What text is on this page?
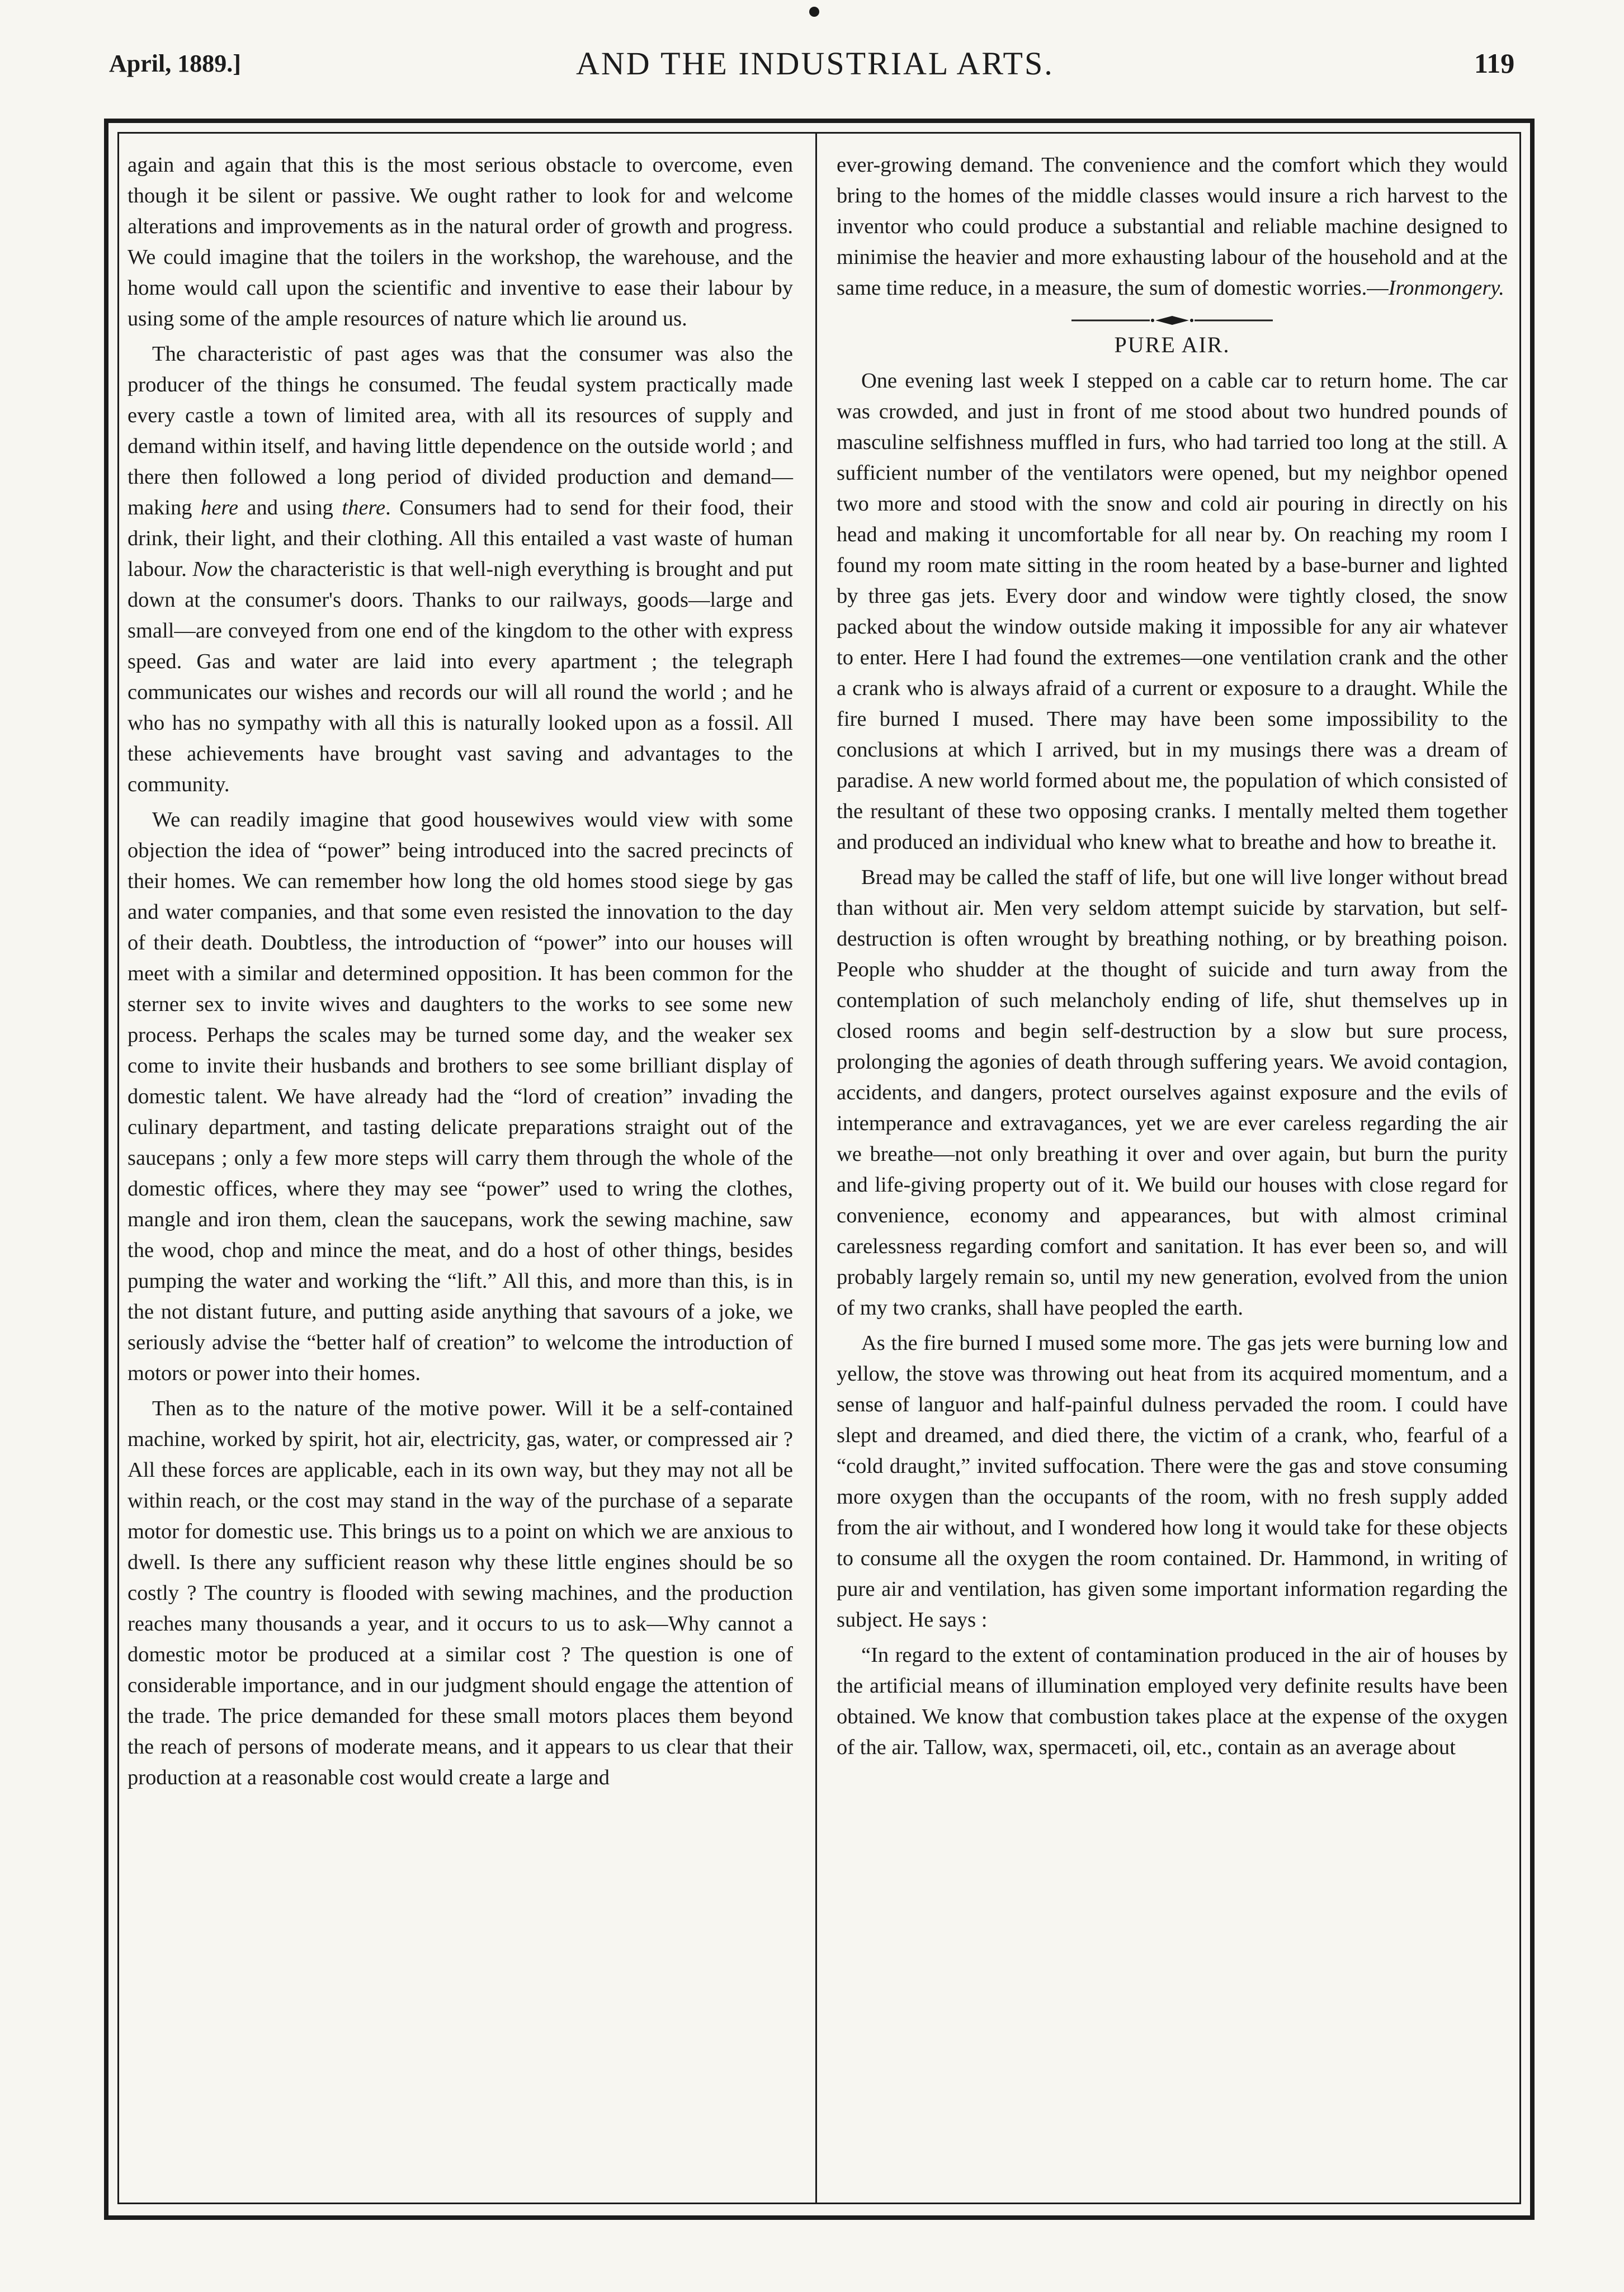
April, 1889.]	AND THE INDUSTRIAL ARTS.	119

again and again that this is the most serious obstacle to overcome, even though it be silent or passive. We ought rather to look for and welcome alterations and improvements as in the natural order of growth and progress. We could imagine that the toilers in the workshop, the warehouse, and the home would call upon the scientific and inventive to ease their labour by using some of the ample resources of nature which lie around us.

The characteristic of past ages was that the consumer was also the producer of the things he consumed. The feudal system practically made every castle a town of limited area, with all its resources of supply and demand within itself, and having little dependence on the outside world ; and there then followed a long period of divided production and demand—making here and using there. Consumers had to send for their food, their drink, their light, and their clothing. All this entailed a vast waste of human labour. Now the characteristic is that well-nigh everything is brought and put down at the consumer's doors. Thanks to our railways, goods—large and small—are conveyed from one end of the kingdom to the other with express speed. Gas and water are laid into every apartment ; the telegraph communicates our wishes and records our will all round the world ; and he who has no sympathy with all this is naturally looked upon as a fossil. All these achievements have brought vast saving and advantages to the community.

We can readily imagine that good housewives would view with some objection the idea of “power” being introduced into the sacred precincts of their homes. We can remember how long the old homes stood siege by gas and water companies, and that some even resisted the innovation to the day of their death. Doubtless, the introduction of “power” into our houses will meet with a similar and determined opposition. It has been common for the sterner sex to invite wives and daughters to the works to see some new process. Perhaps the scales may be turned some day, and the weaker sex come to invite their husbands and brothers to see some brilliant display of domestic talent. We have already had the “lord of creation” invading the culinary department, and tasting delicate preparations straight out of the saucepans ; only a few more steps will carry them through the whole of the domestic offices, where they may see “power” used to wring the clothes, mangle and iron them, clean the saucepans, work the sewing machine, saw the wood, chop and mince the meat, and do a host of other things, besides pumping the water and working the “lift.” All this, and more than this, is in the not distant future, and putting aside anything that savours of a joke, we seriously advise the “better half of creation” to welcome the introduction of motors or power into their homes.

Then as to the nature of the motive power. Will it be a self-contained machine, worked by spirit, hot air, electricity, gas, water, or compressed air ? All these forces are applicable, each in its own way, but they may not all be within reach, or the cost may stand in the way of the purchase of a separate motor for domestic use. This brings us to a point on which we are anxious to dwell. Is there any sufficient reason why these little engines should be so costly ? The country is flooded with sewing machines, and the production reaches many thousands a year, and it occurs to us to ask—Why cannot a domestic motor be produced at a similar cost ? The question is one of considerable importance, and in our judgment should engage the attention of the trade. The price demanded for these small motors places them beyond the reach of persons of moderate means, and it appears to us clear that their production at a reasonable cost would create a large and

ever-growing demand. The convenience and the comfort which they would bring to the homes of the middle classes would insure a rich harvest to the inventor who could produce a substantial and reliable machine designed to minimise the heavier and more exhausting labour of the household and at the same time reduce, in a measure, the sum of domestic worries.—Ironmongery.

PURE AIR.

One evening last week I stepped on a cable car to return home. The car was crowded, and just in front of me stood about two hundred pounds of masculine selfishness muffled in furs, who had tarried too long at the still. A sufficient number of the ventilators were opened, but my neighbor opened two more and stood with the snow and cold air pouring in directly on his head and making it uncomfortable for all near by. On reaching my room I found my room mate sitting in the room heated by a base-burner and lighted by three gas jets. Every door and window were tightly closed, the snow packed about the window outside making it impossible for any air whatever to enter. Here I had found the extremes—one ventilation crank and the other a crank who is always afraid of a current or exposure to a draught. While the fire burned I mused. There may have been some impossibility to the conclusions at which I arrived, but in my musings there was a dream of paradise. A new world formed about me, the population of which consisted of the resultant of these two opposing cranks. I mentally melted them together and produced an individual who knew what to breathe and how to breathe it.

Bread may be called the staff of life, but one will live longer without bread than without air. Men very seldom attempt suicide by starvation, but self-destruction is often wrought by breathing nothing, or by breathing poison. People who shudder at the thought of suicide and turn away from the contemplation of such melancholy ending of life, shut themselves up in closed rooms and begin self-destruction by a slow but sure process, prolonging the agonies of death through suffering years. We avoid contagion, accidents, and dangers, protect ourselves against exposure and the evils of intemperance and extravagances, yet we are ever careless regarding the air we breathe—not only breathing it over and over again, but burn the purity and life-giving property out of it. We build our houses with close regard for convenience, economy and appearances, but with almost criminal carelessness regarding comfort and sanitation. It has ever been so, and will probably largely remain so, until my new generation, evolved from the union of my two cranks, shall have peopled the earth.

As the fire burned I mused some more. The gas jets were burning low and yellow, the stove was throwing out heat from its acquired momentum, and a sense of languor and half-painful dulness pervaded the room. I could have slept and dreamed, and died there, the victim of a crank, who, fearful of a “cold draught,” invited suffocation. There were the gas and stove consuming more oxygen than the occupants of the room, with no fresh supply added from the air without, and I wondered how long it would take for these objects to consume all the oxygen the room contained. Dr. Hammond, in writing of pure air and ventilation, has given some important information regarding the subject. He says :

“In regard to the extent of contamination produced in the air of houses by the artificial means of illumination employed very definite results have been obtained. We know that combustion takes place at the expense of the oxygen of the air. Tallow, wax, spermaceti, oil, etc., contain as an average about
